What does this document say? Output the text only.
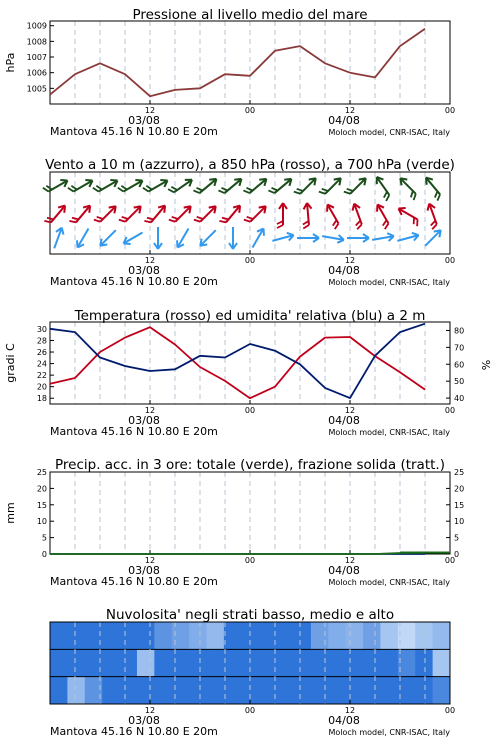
12	00	12	00
03/08	04/08
Mantova 45.16 N 10.80 E 20m	Moloch model, CNR-ISAC, Italy
Pressione al livello medio del mare
1005
1006
1007
1008
1009
hPa
12	00	12	00
03/08	04/08
Mantova 45.16 N 10.80 E 20m	Moloch model, CNR-ISAC, Italy
Vento a 10 m (azzurro), a 850 hPa (rosso), a 700 hPa (verde)
12	00	12	00
03/08	04/08
Mantova 45.16 N 10.80 E 20m	Moloch model, CNR-ISAC, Italy
Temperatura (rosso) ed umidita' relativa (blu) a 2 m
18
20
22
24
26
28
30
40
50
60
70
80
gradi C	%
12	00	12	00
03/08	04/08
Mantova 45.16 N 10.80 E 20m	Moloch model, CNR-ISAC, Italy
Precip. acc. in 3 ore: totale (verde), frazione solida (tratt.)
0
5
10
15
20
25
0
5
10
15
20
25
mm
12	00	12	00
03/08	04/08
Mantova 45.16 N 10.80 E 20m	Moloch model, CNR-ISAC, Italy
Nuvolosita' negli strati basso, medio e alto
